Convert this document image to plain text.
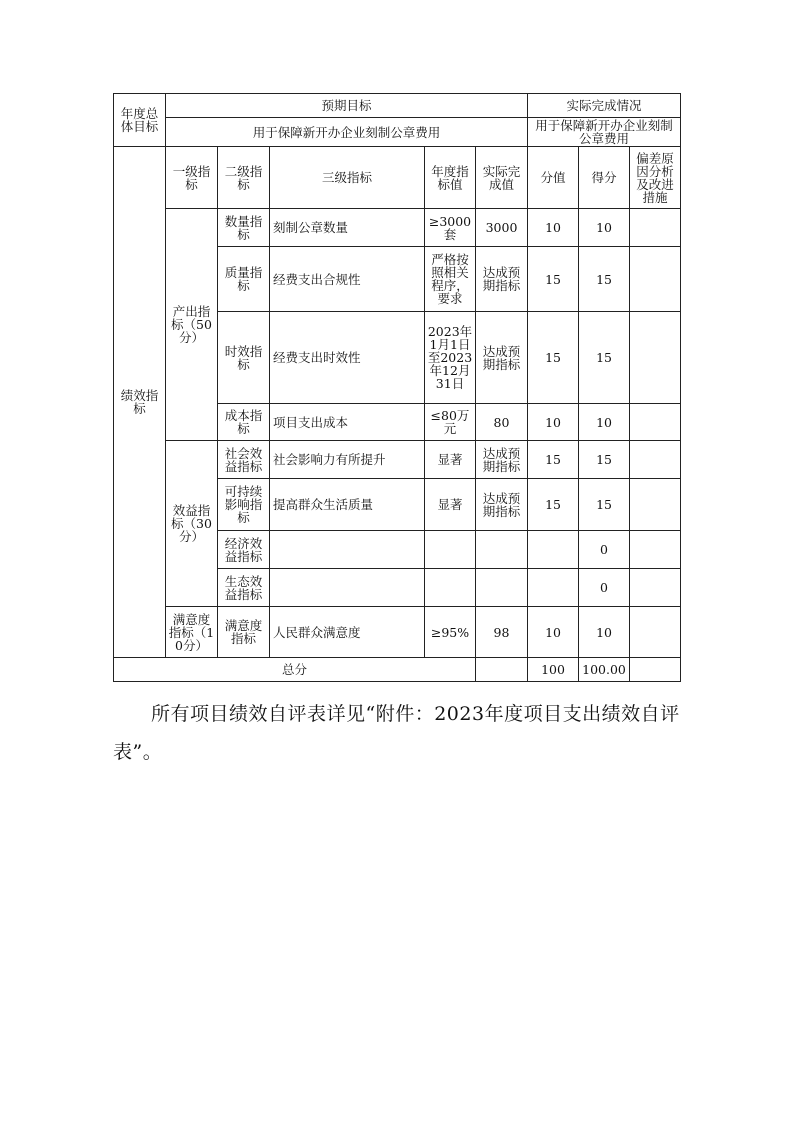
年度总体目标	预期目标					实际完成情况		
	用于保障新开办企业刻制公章费用					用于保障新开办企业刻制公章费用		
绩效指标	一级指标	二级指标	三级指标	年度指标值	实际完成值	分值	得分	偏差原因分析及改进措施
	产出指标（50分）	数量指标	刻制公章数量	≥3000套	3000	10	10	
		质量指标	经费支出合规性	严格按照相关程序，要求	达成预期指标	15	15	
		时效指标	经费支出时效性	2023年1月1日至2023年12月31日	达成预期指标	15	15	
		成本指标	项目支出成本	≤80万元	80	10	10	
	效益指标（30分）	社会效益指标	社会影响力有所提升	显著	达成预期指标	15	15	
		可持续影响指标	提高群众生活质量	显著	达成预期指标	15	15	
		经济效益指标					0	
		生态效益指标					0	
	满意度指标（10分）	满意度指标	人民群众满意度	≥95%	98	10	10	
总分						100	100.00	

所有项目绩效自评表详见“附件：2023年度项目支出绩效自评表”。
